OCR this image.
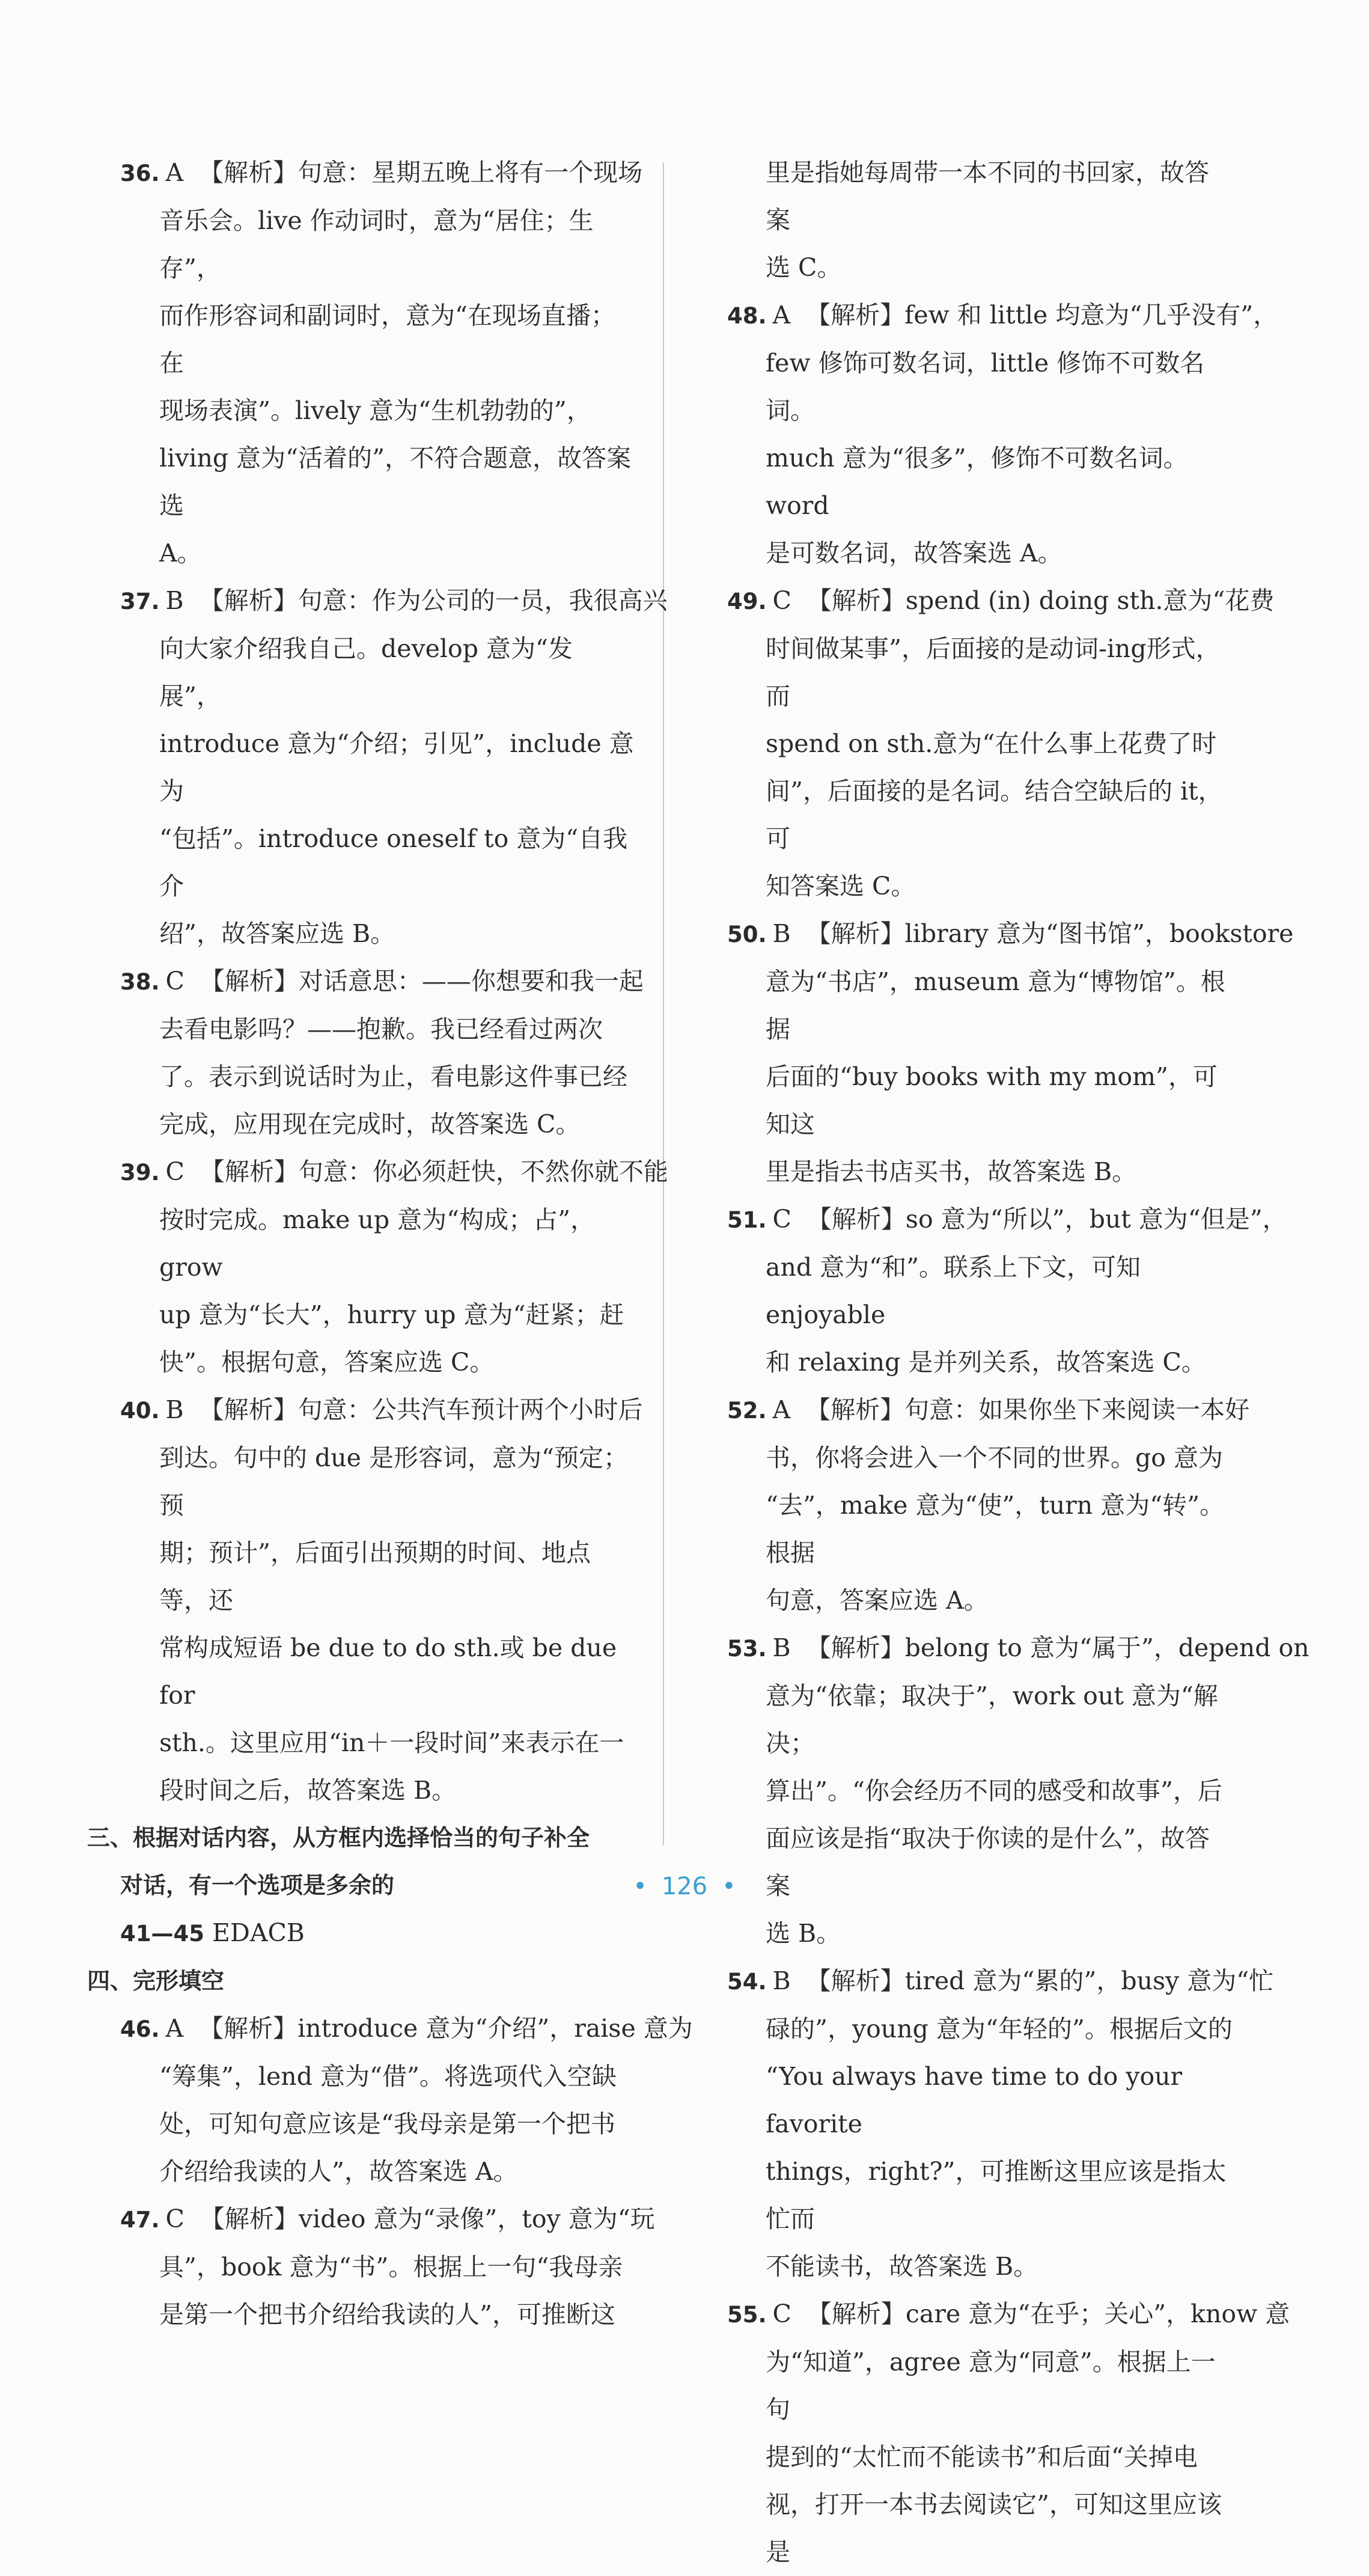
36. A 【解析】句意：星期五晚上将有一个现场
音乐会。live 作动词时，意为“居住；生存”，
而作形容词和副词时，意为“在现场直播；在
现场表演”。lively 意为“生机勃勃的”，
living 意为“活着的”，不符合题意，故答案选
A。
37. B 【解析】句意：作为公司的一员，我很高兴
向大家介绍我自己。develop 意为“发展”，
introduce 意为“介绍；引见”，include 意为
“包括”。introduce oneself to 意为“自我介
绍”，故答案应选 B。
38. C 【解析】对话意思：——你想要和我一起
去看电影吗？——抱歉。我已经看过两次
了。表示到说话时为止，看电影这件事已经
完成，应用现在完成时，故答案选 C。
39. C 【解析】句意：你必须赶快，不然你就不能
按时完成。make up 意为“构成；占”，grow
up 意为“长大”，hurry up 意为“赶紧；赶
快”。根据句意，答案应选 C。
40. B 【解析】句意：公共汽车预计两个小时后
到达。句中的 due 是形容词，意为“预定；预
期；预计”，后面引出预期的时间、地点等，还
常构成短语 be due to do sth.或 be due for
sth.。这里应用“in＋一段时间”来表示在一
段时间之后，故答案选 B。
三、根据对话内容，从方框内选择恰当的句子补全
对话，有一个选项是多余的
41—45 EDACB
四、完形填空
46. A 【解析】introduce 意为“介绍”，raise 意为
“筹集”，lend 意为“借”。将选项代入空缺
处，可知句意应该是“我母亲是第一个把书
介绍给我读的人”，故答案选 A。
47. C 【解析】video 意为“录像”，toy 意为“玩
具”，book 意为“书”。根据上一句“我母亲
是第一个把书介绍给我读的人”，可推断这
里是指她每周带一本不同的书回家，故答案
选 C。
48. A 【解析】few 和 little 均意为“几乎没有”，
few 修饰可数名词，little 修饰不可数名词。
much 意为“很多”，修饰不可数名词。word
是可数名词，故答案选 A。
49. C 【解析】spend (in) doing sth.意为“花费
时间做某事”，后面接的是动词-ing形式，而
spend on sth.意为“在什么事上花费了时
间”，后面接的是名词。结合空缺后的 it，可
知答案选 C。
50. B 【解析】library 意为“图书馆”，bookstore
意为“书店”，museum 意为“博物馆”。根据
后面的“buy books with my mom”，可知这
里是指去书店买书，故答案选 B。
51. C 【解析】so 意为“所以”，but 意为“但是”，
and 意为“和”。联系上下文，可知 enjoyable
和 relaxing 是并列关系，故答案选 C。
52. A 【解析】句意：如果你坐下来阅读一本好
书，你将会进入一个不同的世界。go 意为
“去”，make 意为“使”，turn 意为“转”。根据
句意，答案应选 A。
53. B 【解析】belong to 意为“属于”，depend on
意为“依靠；取决于”，work out 意为“解决；
算出”。“你会经历不同的感受和故事”，后
面应该是指“取决于你读的是什么”，故答案
选 B。
54. B 【解析】tired 意为“累的”，busy 意为“忙
碌的”，young 意为“年轻的”。根据后文的
“You always have time to do your favorite
things，right?”，可推断这里应该是指太忙而
不能读书，故答案选 B。
55. C 【解析】care 意为“在乎；关心”，know 意
为“知道”，agree 意为“同意”。根据上一句
提到的“太忙而不能读书”和后面“关掉电
视，打开一本书去阅读它”，可知这里应该是
• 126 •
